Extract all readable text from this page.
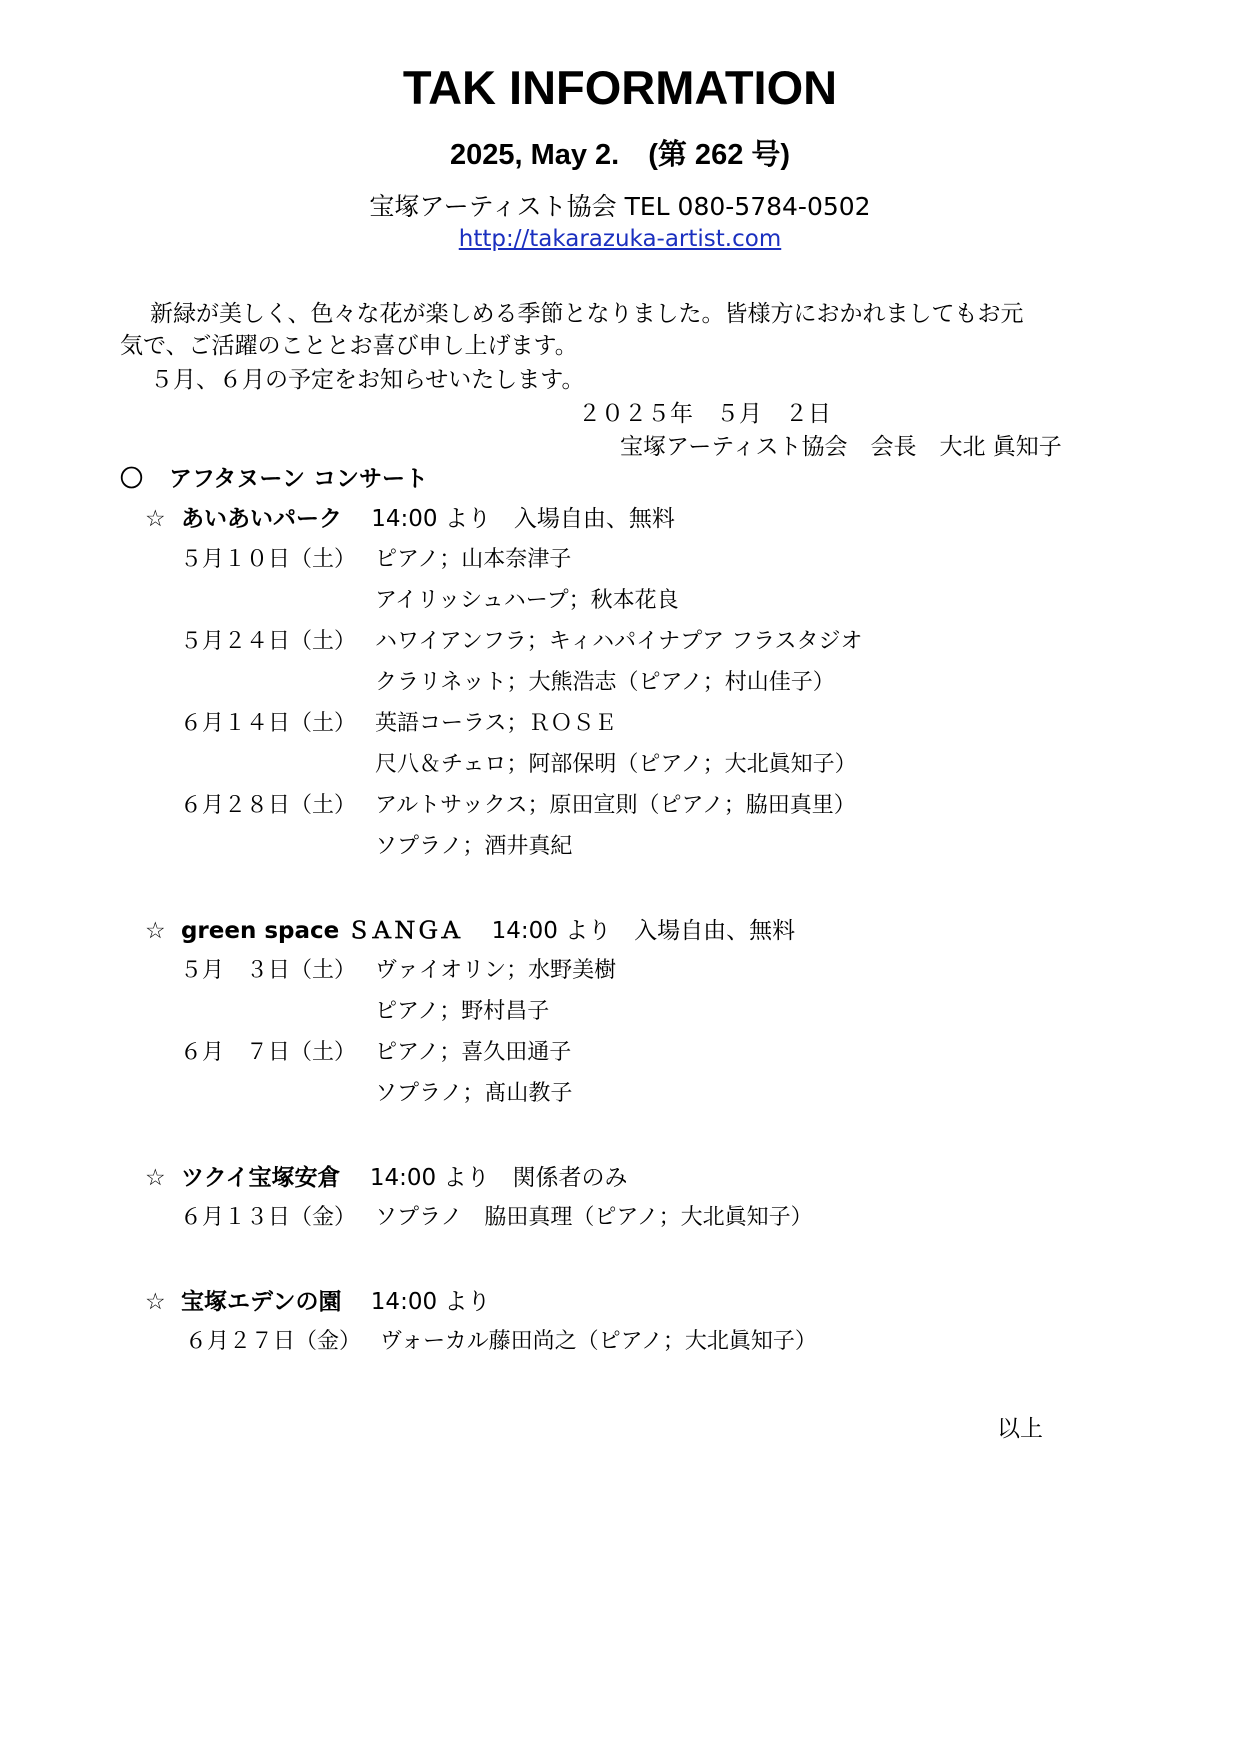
TAK INFORMATION
2025, May 2.　(第 262 号)
宝塚アーティスト協会 TEL 080-5784-0502
http://takarazuka-artist.com
新緑が美しく、色々な花が楽しめる季節となりました。皆様方におかれましてもお元
気で、ご活躍のこととお喜び申し上げます。
５月、６月の予定をお知らせいたします。
２０２５年　５月　２日
宝塚アーティスト協会　会長　大北 眞知子
〇 アフタヌーン コンサート
☆ あいあいパーク 14:00 より　入場自由、無料
５月１０日（土） ピアノ；山本奈津子
アイリッシュハープ；秋本花良
５月２４日（土） ハワイアンフラ；キィハパイナプア フラスタジオ
クラリネット；大熊浩志（ピアノ；村山佳子）
６月１４日（土） 英語コーラス；ＲＯＳＥ
尺八＆チェロ；阿部保明（ピアノ；大北眞知子）
６月２８日（土） アルトサックス；原田宣則（ピアノ；脇田真里）
ソプラノ；酒井真紀
☆ green space ＳＡＮＧＡ 14:00 より　入場自由、無料
５月　３日（土） ヴァイオリン；水野美樹
ピアノ；野村昌子
６月　７日（土） ピアノ；喜久田通子
ソプラノ；髙山教子
☆ ツクイ宝塚安倉 14:00 より　関係者のみ
６月１３日（金） ソプラノ　脇田真理（ピアノ；大北眞知子）
☆ 宝塚エデンの園 14:00 より
６月２７日（金） ヴォーカル藤田尚之（ピアノ；大北眞知子）
以上
